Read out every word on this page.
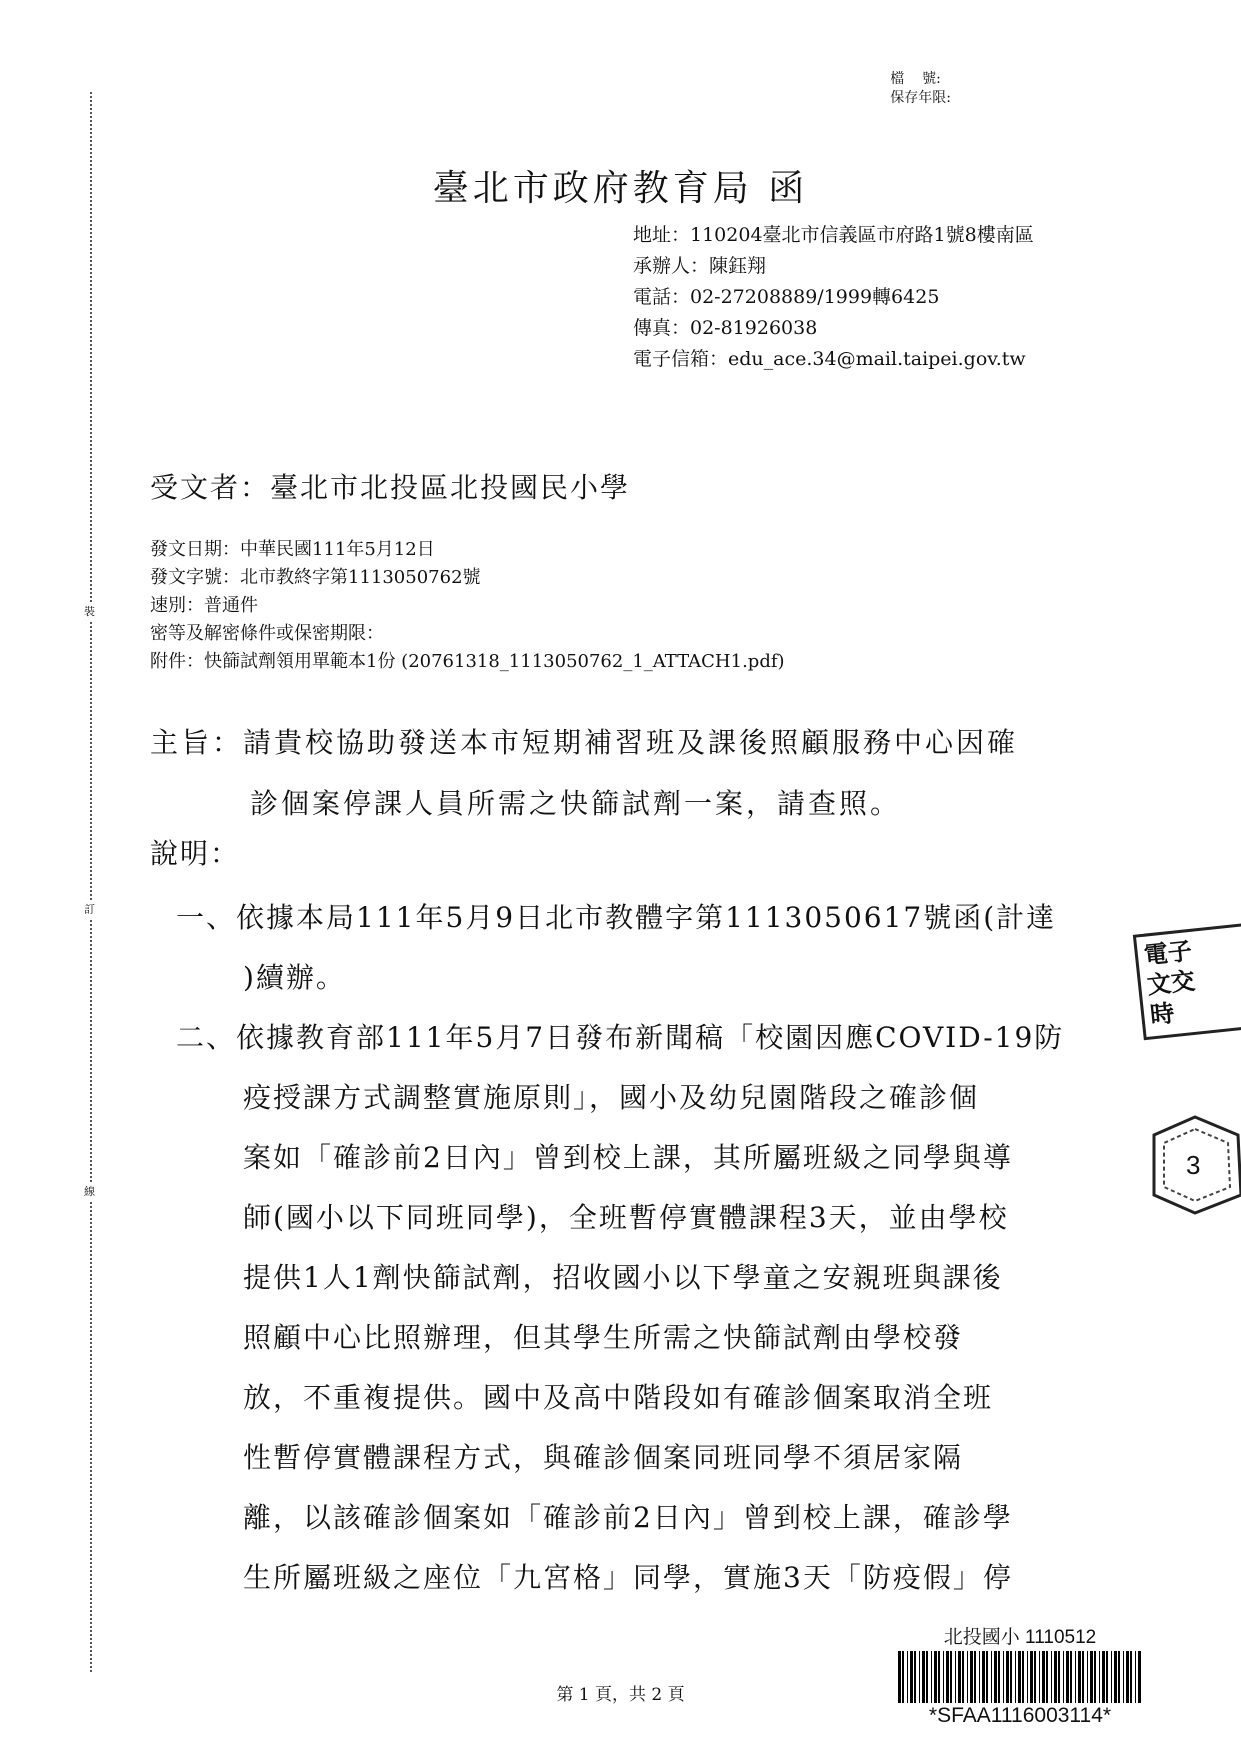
裝
訂
線
檔    號:
保存年限:
臺北市政府教育局 函
地址：110204臺北市信義區市府路1號8樓南區
承辦人：陳鈺翔
電話：02-27208889/1999轉6425
傳真：02-81926038
電子信箱：edu_ace.34@mail.taipei.gov.tw
受文者：臺北市北投區北投國民小學
發文日期：中華民國111年5月12日
發文字號：北市教終字第1113050762號
速別：普通件
密等及解密條件或保密期限：
附件：快篩試劑領用單範本1份 (20761318_1113050762_1_ATTACH1.pdf)
主旨：請貴校協助發送本市短期補習班及課後照顧服務中心因確
診個案停課人員所需之快篩試劑一案，請查照。
說明：
一、依據本局111年5月9日北市教體字第1113050617號函(計達
)續辦。
二、依據教育部111年5月7日發布新聞稿「校園因應COVID-19防
疫授課方式調整實施原則」，國小及幼兒園階段之確診個
案如「確診前2日內」曾到校上課，其所屬班級之同學與導
師(國小以下同班同學)，全班暫停實體課程3天，並由學校
提供1人1劑快篩試劑，招收國小以下學童之安親班與課後
照顧中心比照辦理，但其學生所需之快篩試劑由學校發
放，不重複提供。國中及高中階段如有確診個案取消全班
性暫停實體課程方式，與確診個案同班同學不須居家隔
離，以該確診個案如「確診前2日內」曾到校上課，確診學
生所屬班級之座位「九宮格」同學，實施3天「防疫假」停
電子
文交
時
3
第 1 頁，共 2 頁
北投國小 1110512
*SFAA1116003114*
